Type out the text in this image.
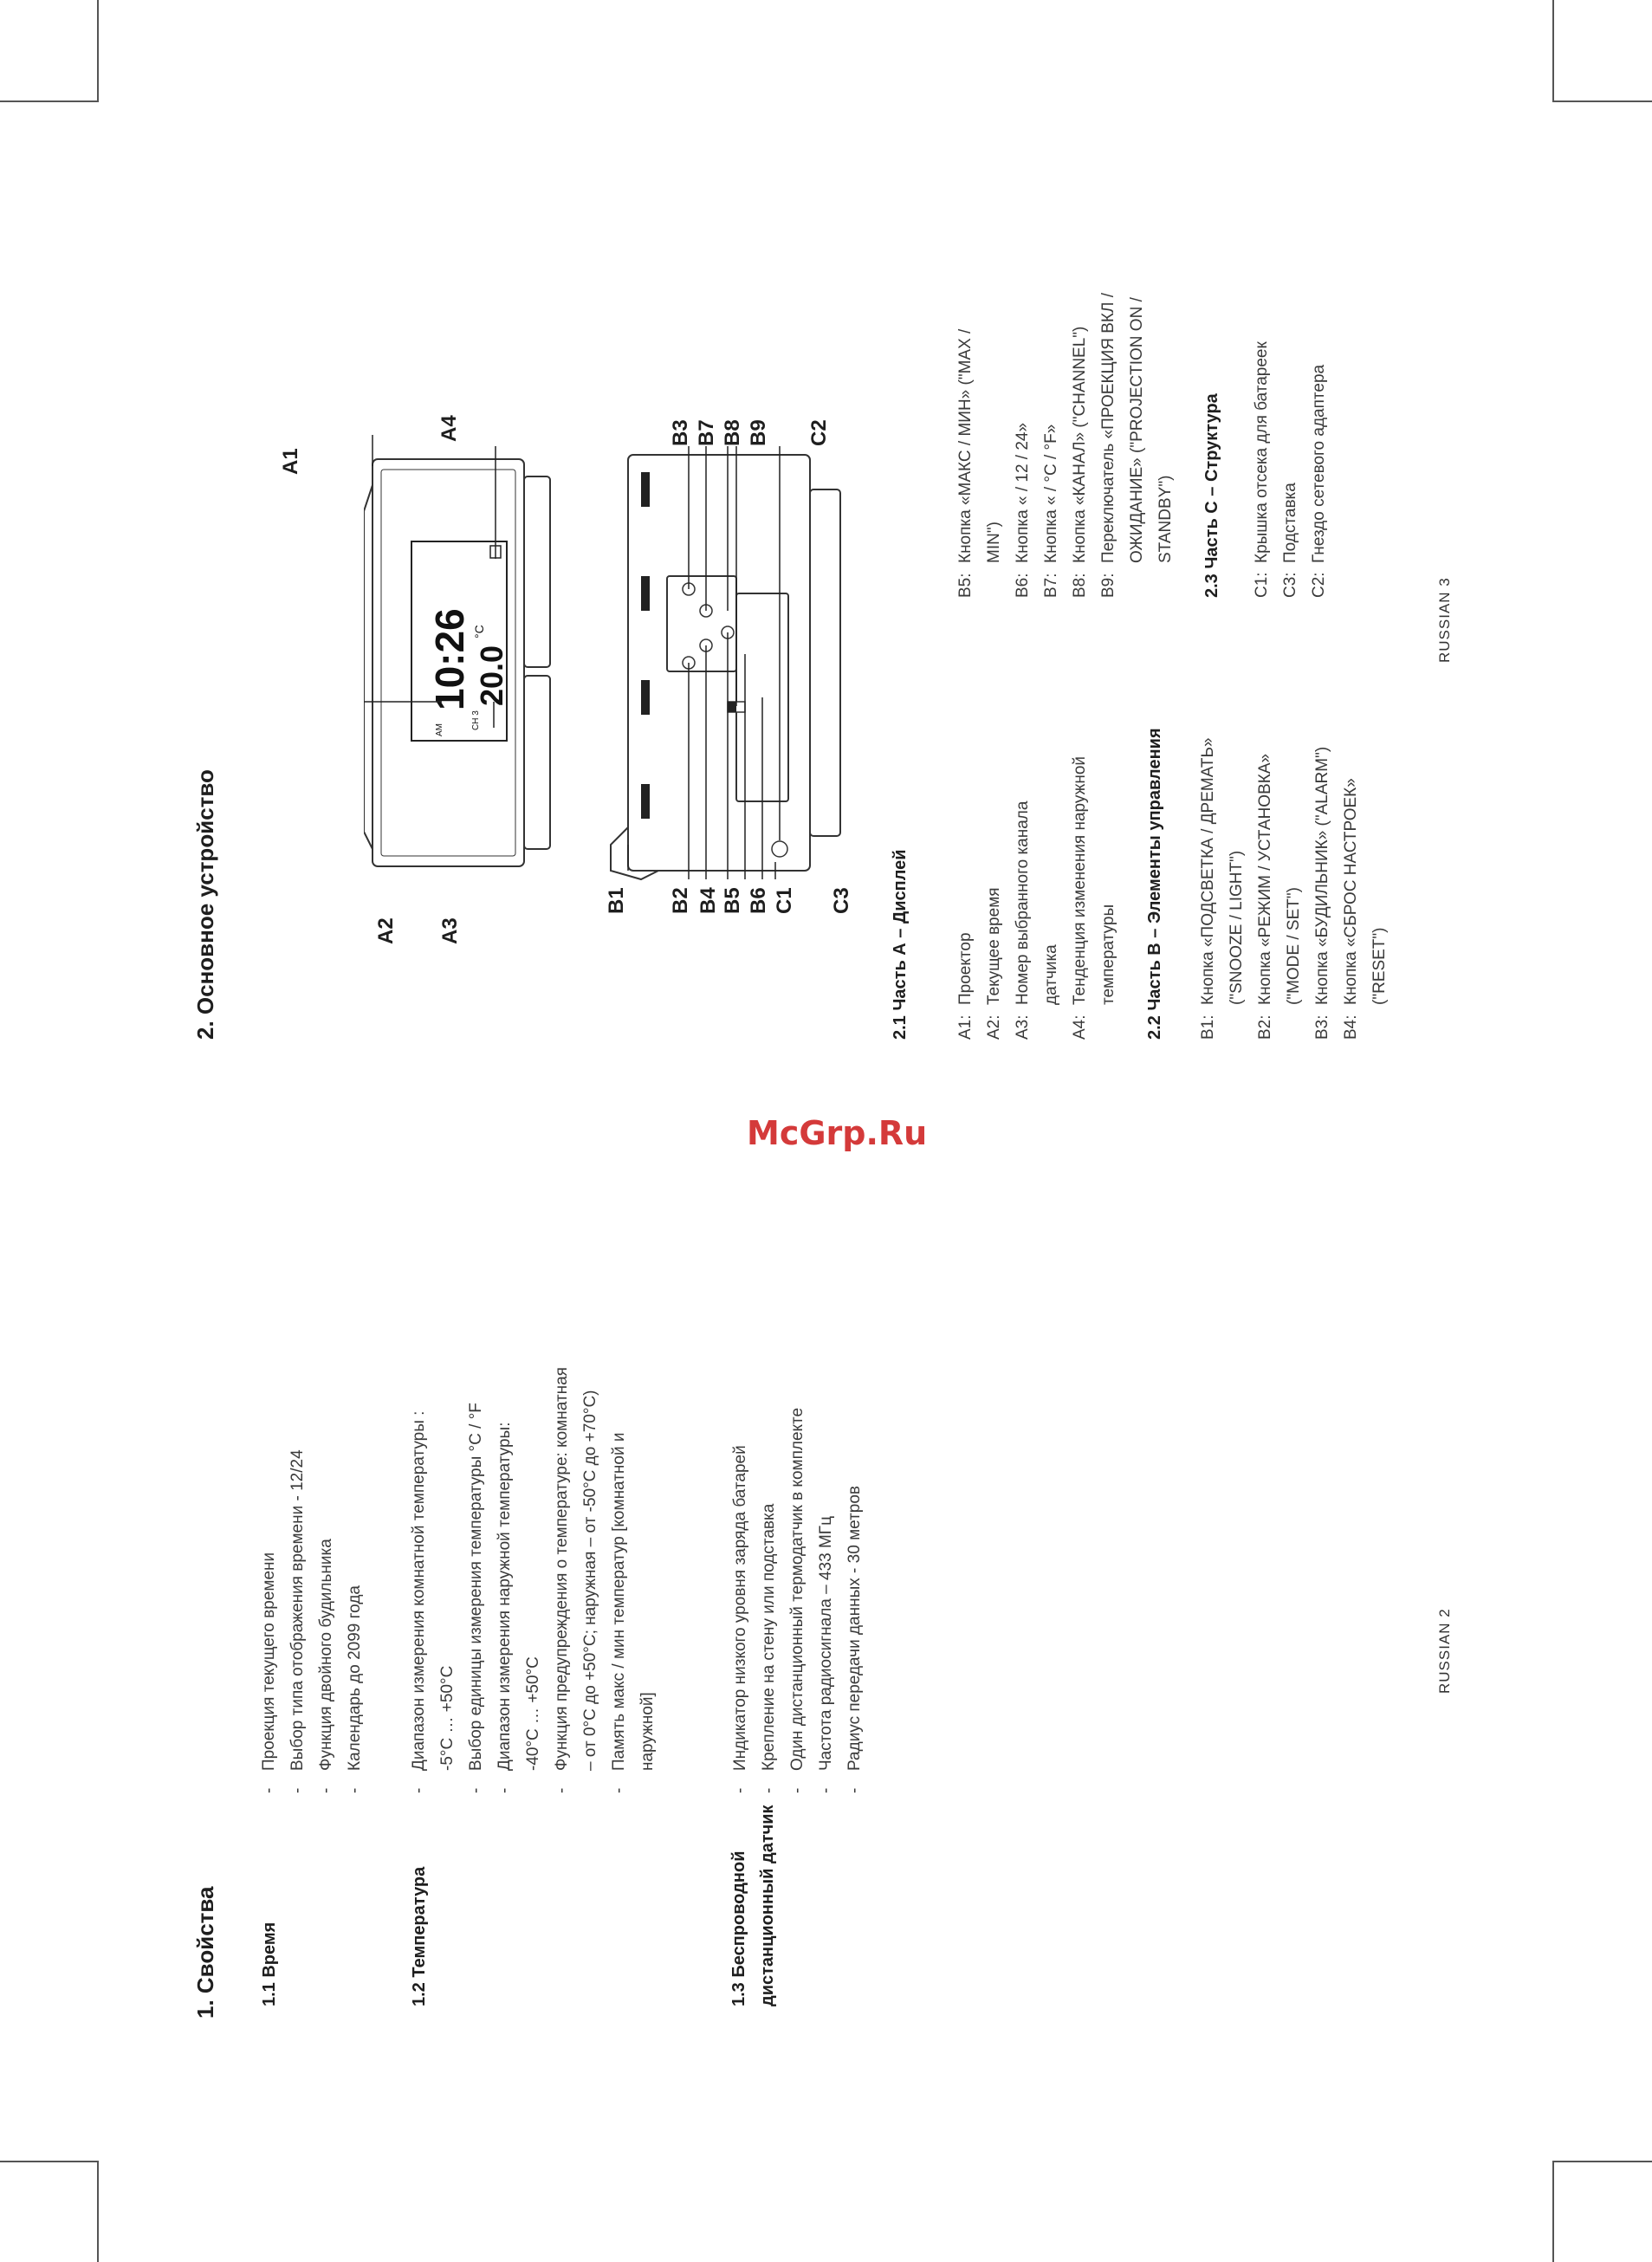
1. Свойства 1.1 Время
-
Проекция текущего времени
-
Выбор типа отображения времени - 12/24
-
Функция двойного будильника
-
Календарь до 2099 года
1.2 Температура
-
Диапазон измерения комнатной температуры : -5°C … +50°C
-
Выбор единицы измерения температуры °C / °F
-
Диапазон измерения наружной температуры: -40°C … +50°C
-
Функция предупреждения о температуре: комнатная – от 0°C до +50°C; наружная – от -50°C до +70°C)
-
Память макс / мин температур [комнатной и наружной]
1.3 Беспроводной дистанционный датчик
-
Индикатор низкого уровня заряда батарей
-
Крепление на стену или подставка
-
Один дистанционный термодатчик в комплекте
-
Частота радиосигнала – 433 МГц
-
Радиус передачи данных - 30 метров	RUSSIAN 2
McGrp.Ru
2. Основное устройство
10:26
AM
20.0
°C
CH 3
A1
A2 A3
A4
B1 B2 B4 B5 B6 C1 C3
B3 B7 B8 B9 C2
2.1 Часть А – Дисплей	A1:
Проектор
A2:
Текущее время
A3:
Номер выбранного канала датчика
A4:
Тенденция изменения наружной температуры	2.2 Часть B – Элементы управления	B1:
Кнопка «ПОДСВЕТКА / ДРЕМАТЬ» ("SNOOZE / LIGHT")
B2:
Кнопка «РЕЖИМ / УСТАНОВКА» ("MODE / SET")
B3:
Кнопка «БУДИЛЬНИК» ("ALARM")
B4:
Кнопка «СБРОС НАСТРОЕК» ("RESET")
B5:
Кнопка «МАКС / МИН» ("MAX / MIN")
B6:
Кнопка « / 12 / 24»
B7:
Кнопка « / °C / °F»
B8:
Кнопка «КАНАЛ» ("CHANNEL")
B9:
Переключатель «ПРОЕКЦИЯ ВКЛ / ОЖИДАНИЕ» ("PROJECTION ON / STANDBY")	2.3 Часть С – Структура	C1:
Крышка отсека для батареек
C3:
Подставка
C2:
Гнездо сетевого адаптера
RUSSIAN 3
